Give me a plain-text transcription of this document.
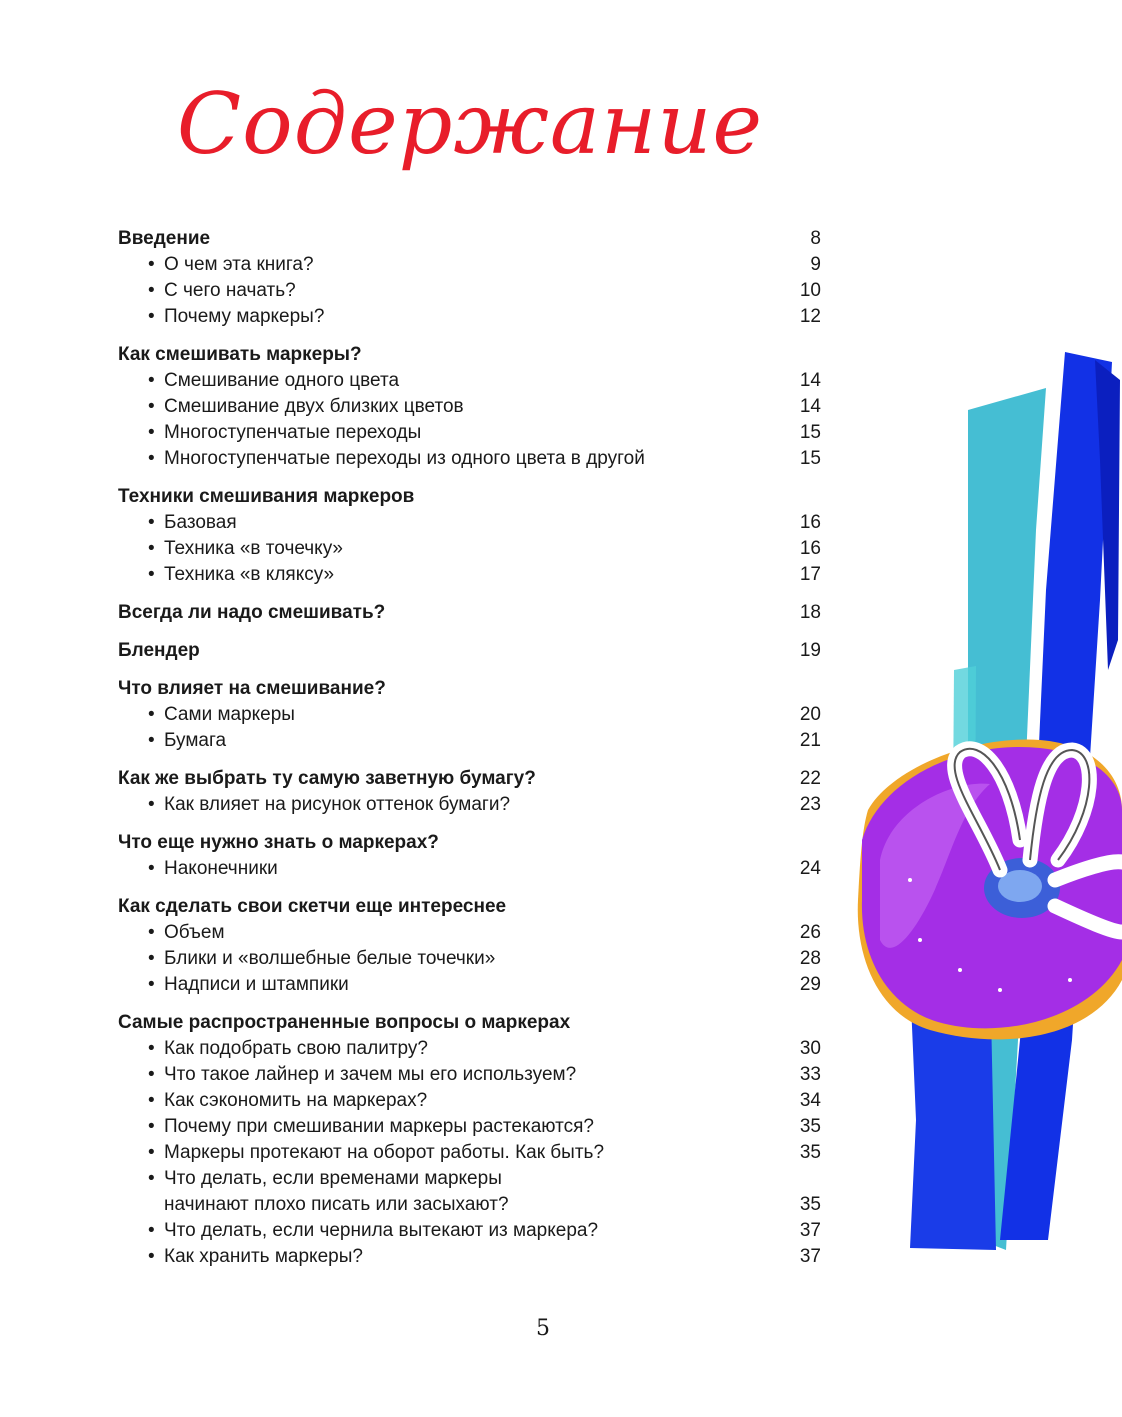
Содержание
Введение	8
• О чем эта книга?	9
• С чего начать?	10
• Почему маркеры?	12
Как смешивать маркеры?
• Смешивание одного цвета	14
• Смешивание двух близких цветов	14
• Многоступенчатые переходы	15
• Многоступенчатые переходы из одного цвета в другой	15
Техники смешивания маркеров
• Базовая	16
• Техника «в точечку»	16
• Техника «в кляксу»	17
Всегда ли надо смешивать?	18
Блендер	19
Что влияет на смешивание?
• Сами маркеры	20
• Бумага	21
Как же выбрать ту самую заветную бумагу?	22
• Как влияет на рисунок оттенок бумаги?	23
Что еще нужно знать о маркерах?
• Наконечники	24
Как сделать свои скетчи еще интереснее
• Объем	26
• Блики и «волшебные белые точечки»	28
• Надписи и штампики	29
Самые распространенные вопросы о маркерах
• Как подобрать свою палитру?	30
• Что такое лайнер и зачем мы его используем?	33
• Как сэкономить на маркерах?	34
• Почему при смешивании маркеры растекаются?	35
• Маркеры протекают на оборот работы. Как быть?	35
• Что делать, если временами маркеры
начинают плохо писать или засыхают?	35
• Что делать, если чернила вытекают из маркера?	37
• Как хранить маркеры?	37
5
